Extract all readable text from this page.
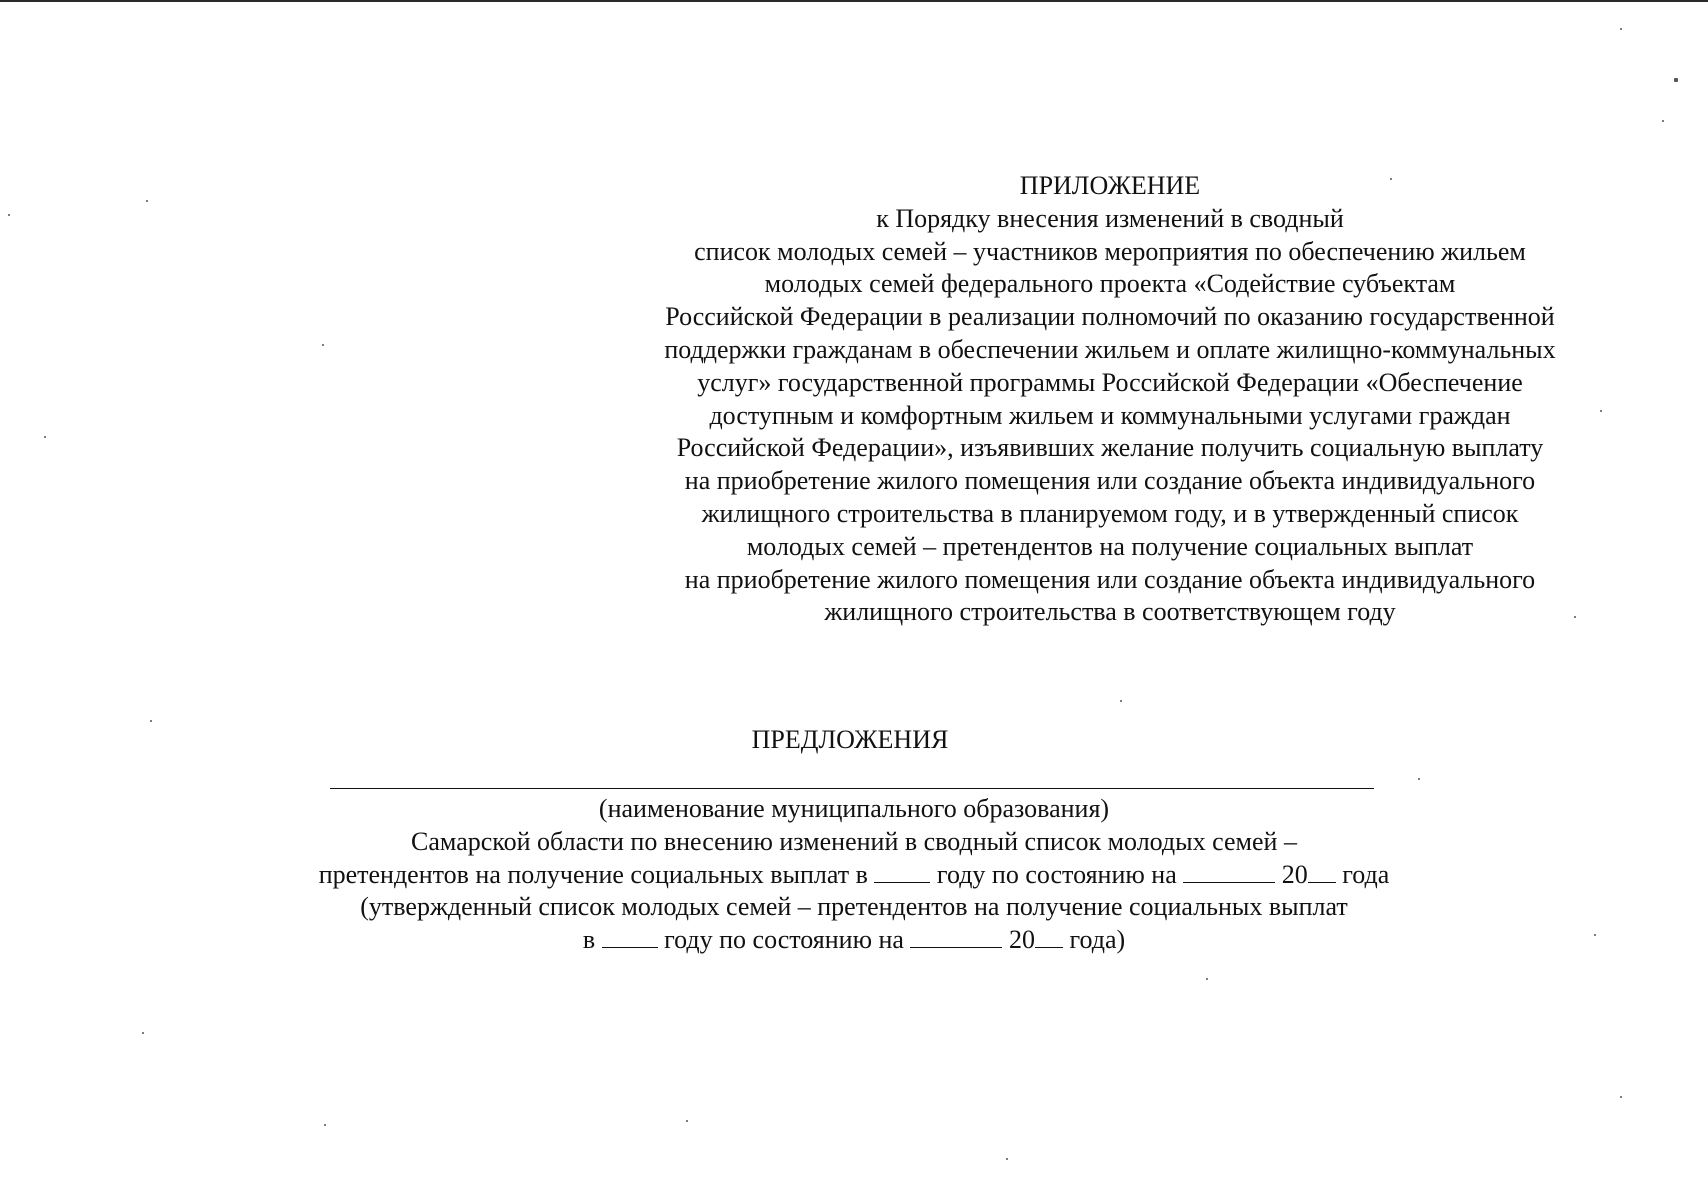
ПРИЛОЖЕНИЕ
к Порядку внесения изменений в сводный
список молодых семей – участников мероприятия по обеспечению жильем
молодых семей федерального проекта «Содействие субъектам
Российской Федерации в реализации полномочий по оказанию государственной
поддержки гражданам в обеспечении жильем и оплате жилищно-коммунальных
услуг» государственной программы Российской Федерации «Обеспечение
доступным и комфортным жильем и коммунальными услугами граждан
Российской Федерации», изъявивших желание получить социальную выплату
на приобретение жилого помещения или создание объекта индивидуального
жилищного строительства в планируемом году, и в утвержденный список
молодых семей – претендентов на получение социальных выплат
на приобретение жилого помещения или создание объекта индивидуального
жилищного строительства в соответствующем году
ПРЕДЛОЖЕНИЯ
(наименование муниципального образования)
Самарской области по внесению изменений в сводный список молодых семей –
претендентов на получение социальных выплат в	году по состоянию на	20 года
(утвержденный список молодых семей – претендентов на получение социальных выплат
в	году по состоянию на	20 года)
